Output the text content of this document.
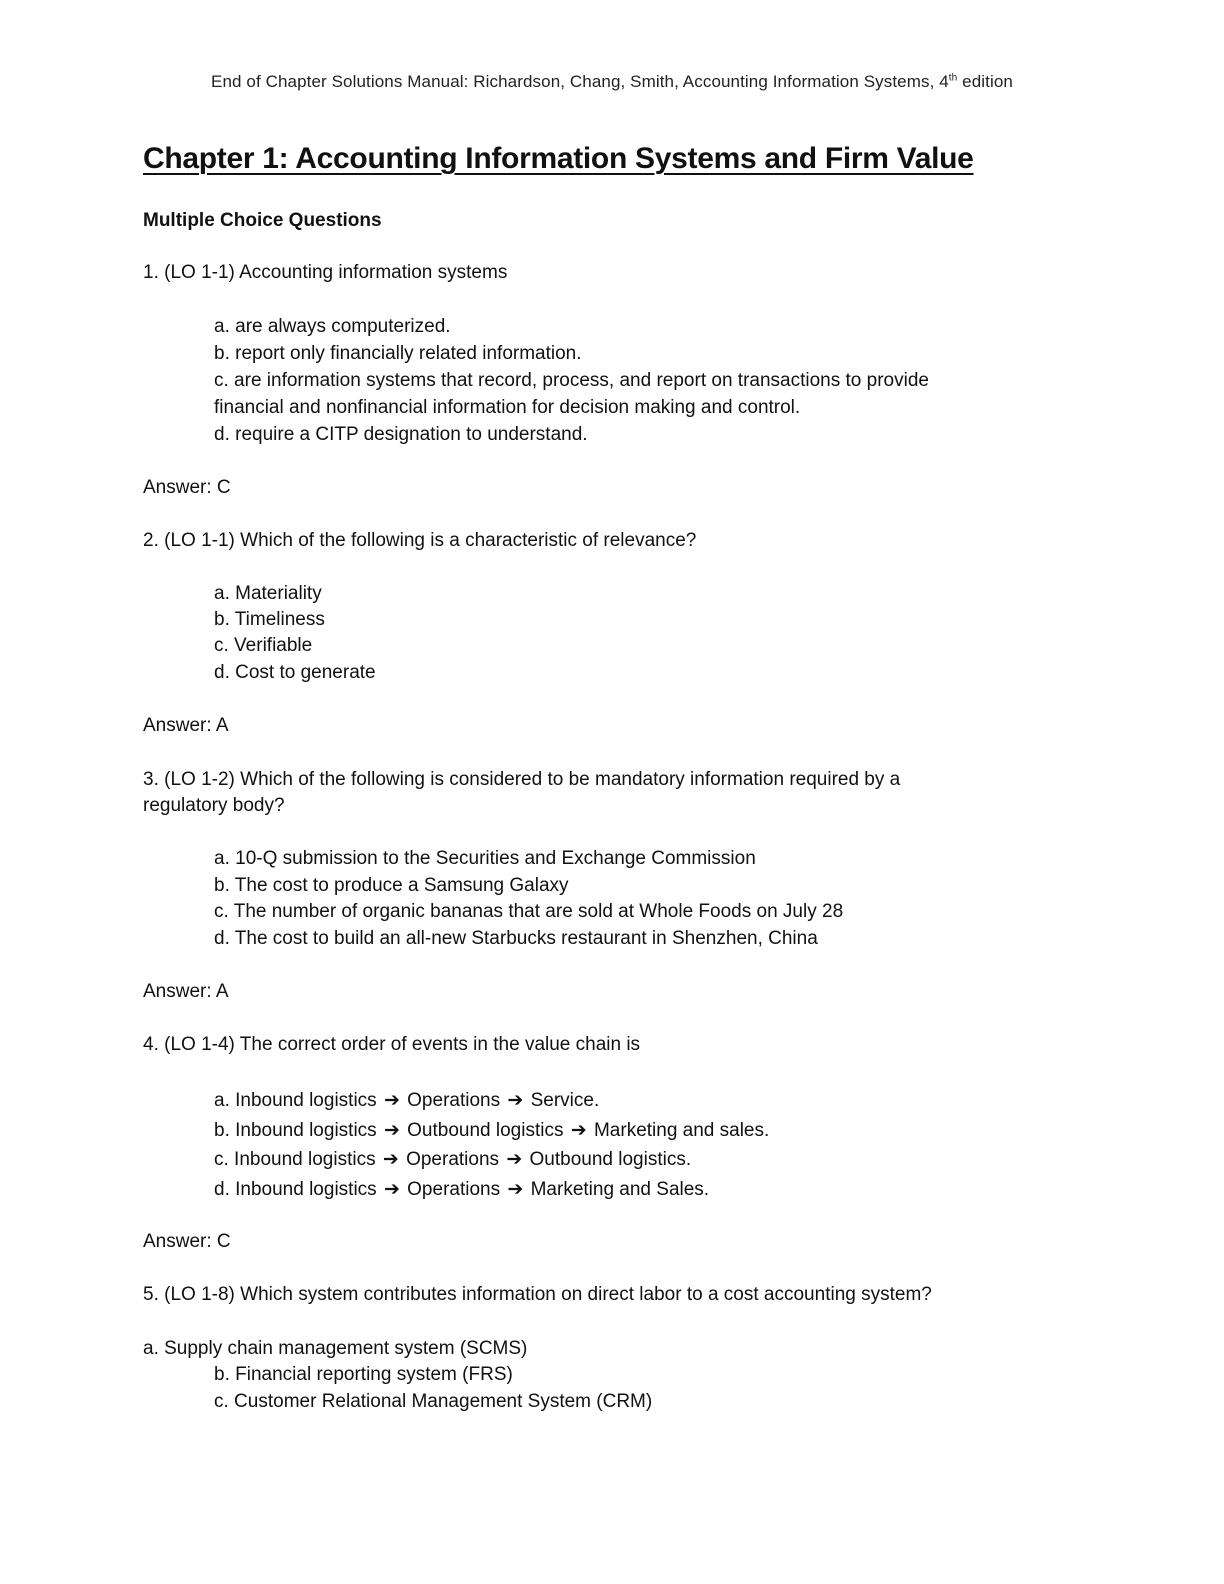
End of Chapter Solutions Manual: Richardson, Chang, Smith, Accounting Information Systems, 4th edition
Chapter 1: Accounting Information Systems and Firm Value
Multiple Choice Questions
1. (LO 1-1) Accounting information systems
a. are always computerized.
b. report only financially related information.
c. are information systems that record, process, and report on transactions to provide
financial and nonfinancial information for decision making and control.
d. require a CITP designation to understand.
Answer: C
2. (LO 1-1) Which of the following is a characteristic of relevance?
a. Materiality
b. Timeliness
c. Verifiable
d. Cost to generate
Answer: A
3. (LO 1-2) Which of the following is considered to be mandatory information required by a
regulatory body?
a. 10-Q submission to the Securities and Exchange Commission
b. The cost to produce a Samsung Galaxy
c. The number of organic bananas that are sold at Whole Foods on July 28
d. The cost to build an all-new Starbucks restaurant in Shenzhen, China
Answer: A
4. (LO 1-4) The correct order of events in the value chain is
a. Inbound logistics ➔ Operations ➔ Service.
b. Inbound logistics ➔ Outbound logistics ➔ Marketing and sales.
c. Inbound logistics ➔ Operations ➔ Outbound logistics.
d. Inbound logistics ➔ Operations ➔ Marketing and Sales.
Answer: C
5. (LO 1-8) Which system contributes information on direct labor to a cost accounting system?
a. Supply chain management system (SCMS)
b. Financial reporting system (FRS)
c. Customer Relational Management System (CRM)
